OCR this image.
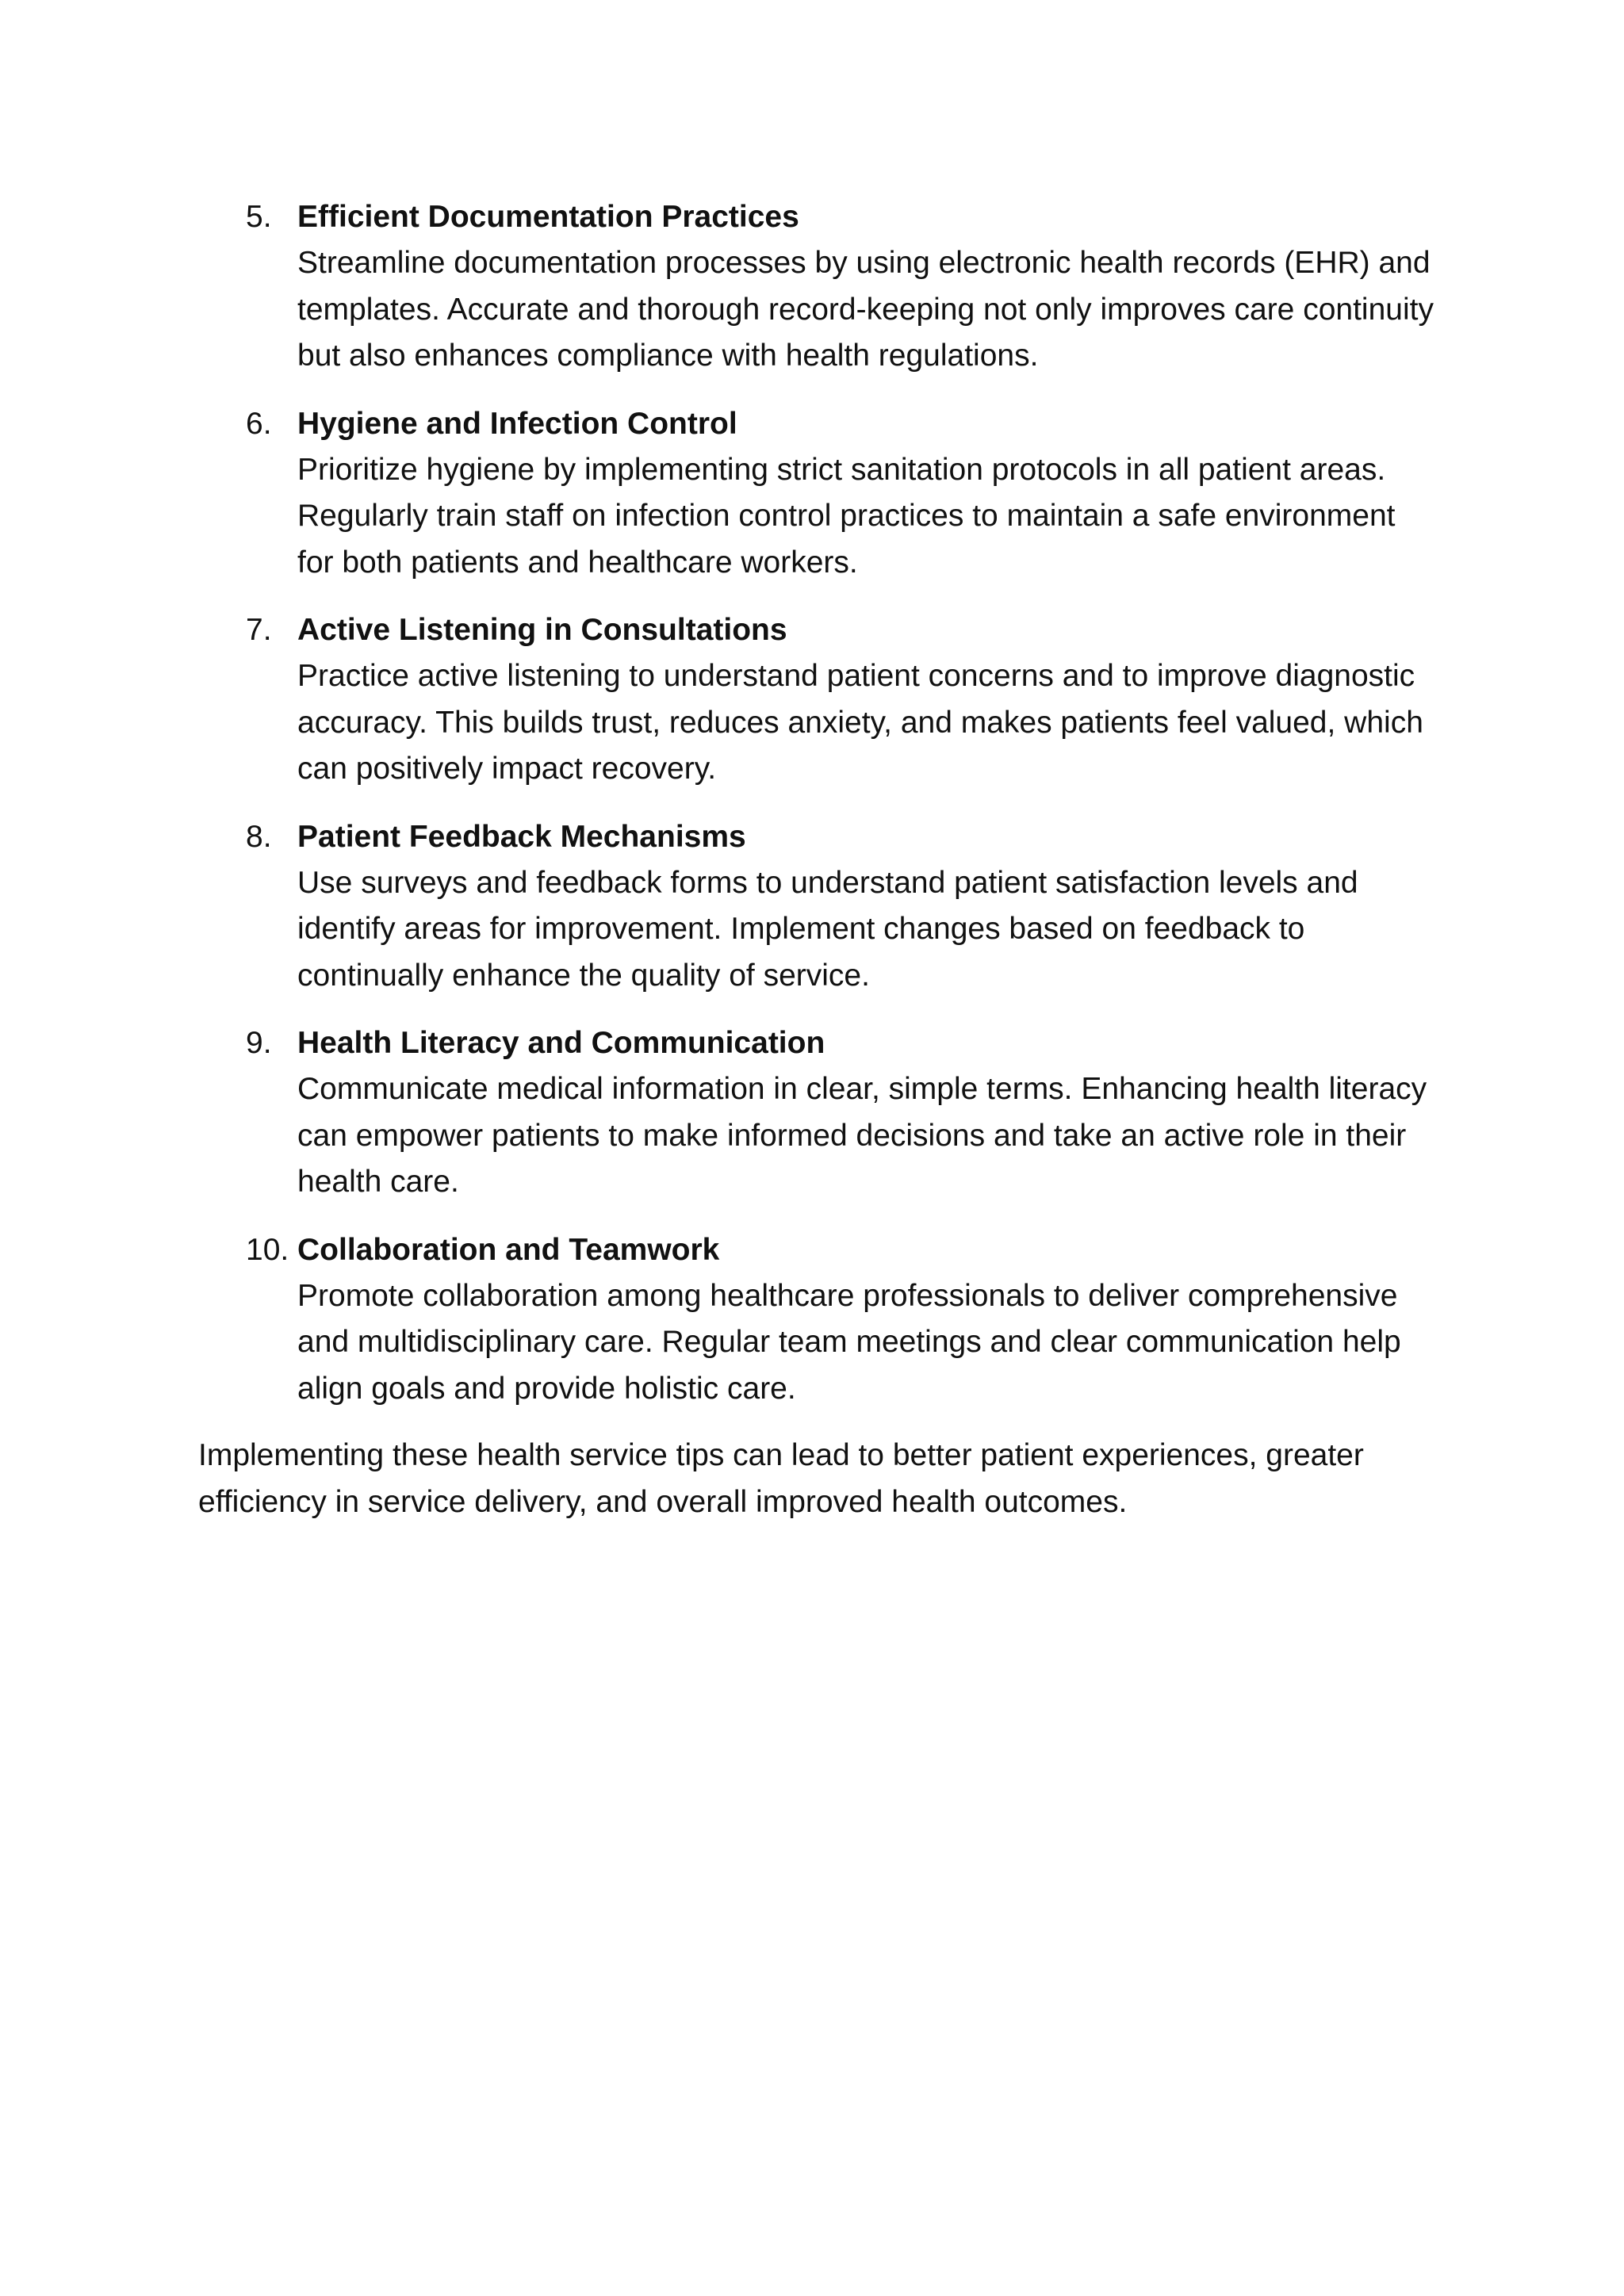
5. Efficient Documentation Practices
Streamline documentation processes by using electronic health records (EHR) and templates. Accurate and thorough record-keeping not only improves care continuity but also enhances compliance with health regulations.
6. Hygiene and Infection Control
Prioritize hygiene by implementing strict sanitation protocols in all patient areas. Regularly train staff on infection control practices to maintain a safe environment for both patients and healthcare workers.
7. Active Listening in Consultations
Practice active listening to understand patient concerns and to improve diagnostic accuracy. This builds trust, reduces anxiety, and makes patients feel valued, which can positively impact recovery.
8. Patient Feedback Mechanisms
Use surveys and feedback forms to understand patient satisfaction levels and identify areas for improvement. Implement changes based on feedback to continually enhance the quality of service.
9. Health Literacy and Communication
Communicate medical information in clear, simple terms. Enhancing health literacy can empower patients to make informed decisions and take an active role in their health care.
10. Collaboration and Teamwork
Promote collaboration among healthcare professionals to deliver comprehensive and multidisciplinary care. Regular team meetings and clear communication help align goals and provide holistic care.

Implementing these health service tips can lead to better patient experiences, greater efficiency in service delivery, and overall improved health outcomes.
